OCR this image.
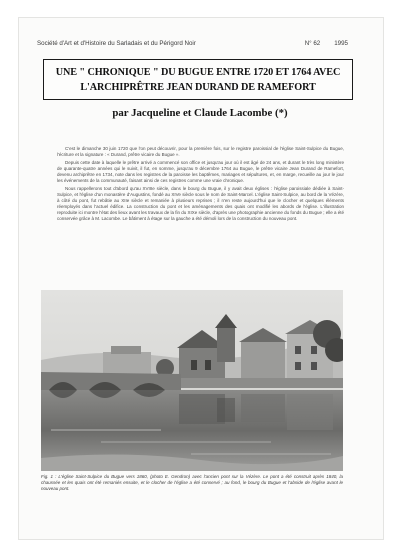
Société d'Art et d'Histoire du Sarladais et du Périgord Noir	N° 62 1995
UNE " CHRONIQUE " DU BUGUE ENTRE 1720 ET 1764 AVEC
L'ARCHIPRÊTRE JEAN DURAND DE RAMEFORT
par Jacqueline et Claude Lacombe (*)

C'est le dimanche 30 juin 1720 que l'on peut découvrir, pour la première fois, sur le registre paroissial de l'église Saint-Sulpice du Bugue, l'écriture et la signature : « Durand, prêtre vicaire du Bugue ».

Depuis cette date à laquelle le prêtre arrivé a commencé son office et jusqu'au jour où il est âgé de 24 ans, et durant le très long ministère de quarante-quatre années qui le suivit, il fut, en somme, jusqu'au 9 décembre 1764 au Bugue, le prêtre vicaire Jean Durand de Ramefort, devenu archiprêtre en 1734, note dans les registres de la paroisse les baptêmes, mariages et sépultures, et, en marge, recueille au jour le jour les événements de la communauté, faisant ainsi de ces registres comme une vraie chronique.

Nous rappellerons tout d'abord qu'au XVIIIe siècle, dans le bourg du Bugue, il y avait deux églises : l'église paroissiale dédiée à Saint-Sulpice, et l'église d'un monastère d'Augustins, fondé au XIVe siècle sous le nom de Saint-Marcel. L'église Saint-Sulpice, au bord de la Vézère, à côté du pont, fut rebâtie au XIIe siècle et remaniée à plusieurs reprises ; il n'en reste aujourd'hui que le clocher et quelques éléments réemployés dans l'actuel édifice. La construction du pont et les aménagements des quais ont modifié les abords de l'église. L'illustration reproduite ici montre l'état des lieux avant les travaux de la fin du XIXe siècle, d'après une photographie ancienne du fonds du Bugue ; elle a été conservée grâce à M. Lacombe. Le bâtiment à étage sur la gauche a été démoli lors de la construction du nouveau pont.

Fig. 1 : L'église Saint-Sulpice du Bugue vers 1860, (photo E. Gendron) avec l'ancien pont sur la Vézère. Le pont a été construit après 1840, la chaussée et les quais ont été remaniés ensuite, et le clocher de l'église a été conservé ; au fond, le bourg du Bugue et l'abside de l'église avant le nouveau pont.
